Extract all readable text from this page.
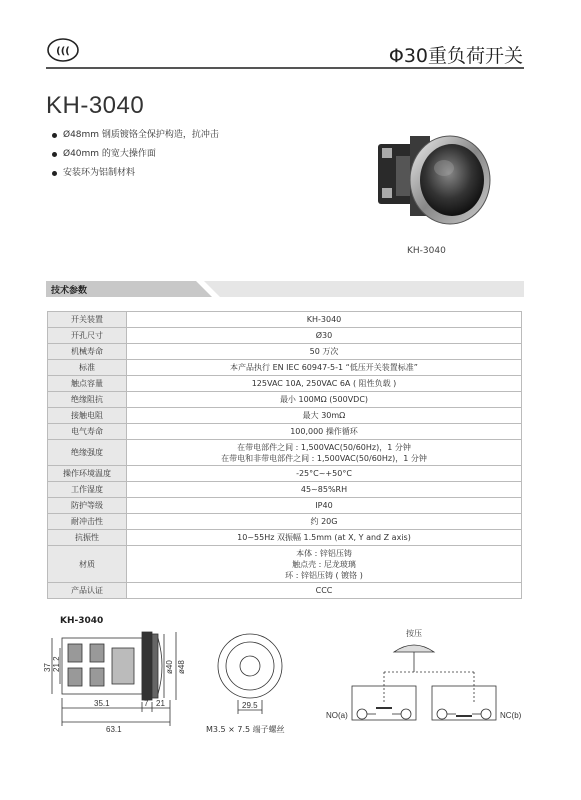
(((	Φ30重负荷开关
KH-3040
Ø48mm 钢质镀铬全保护构造，抗冲击
Ø40mm 的宽大操作面
安装环为铝制材料
KH-3040
技术参数
开关装置	KH-3040

开孔尺寸	Ø30

机械寿命	50 万次

标准	本产品执行 EN IEC 60947-5-1 “低压开关装置标准”

触点容量	125VAC 10A, 250VAC 6A ( 阻性负载 )

绝缘阻抗	最小 100MΩ (500VDC)

接触电阻	最大 30mΩ

电气寿命	100,000 操作循环

绝缘强度	在带电部件之间 : 1,500VAC(50/60Hz)，1 分钟
在带电和非带电部件之间 : 1,500VAC(50/60Hz)，1 分钟

操作环境温度	-25°C~+50°C

工作湿度	45~85%RH

防护等级	IP40

耐冲击性	约 20G

抗振性	10~55Hz 双振幅 1.5mm (at X, Y and Z axis)

材质	本体 : 锌铝压铸
触点壳 : 尼龙玻璃
环 : 锌铝压铸 ( 镀铬 )

产品认证	CCC
KH-3040
37 21.2	ø40 ø48
35.1	7 21
63.1
29.5
M3.5 × 7.5 端子螺丝
按压
NO(a)	NC(b)
